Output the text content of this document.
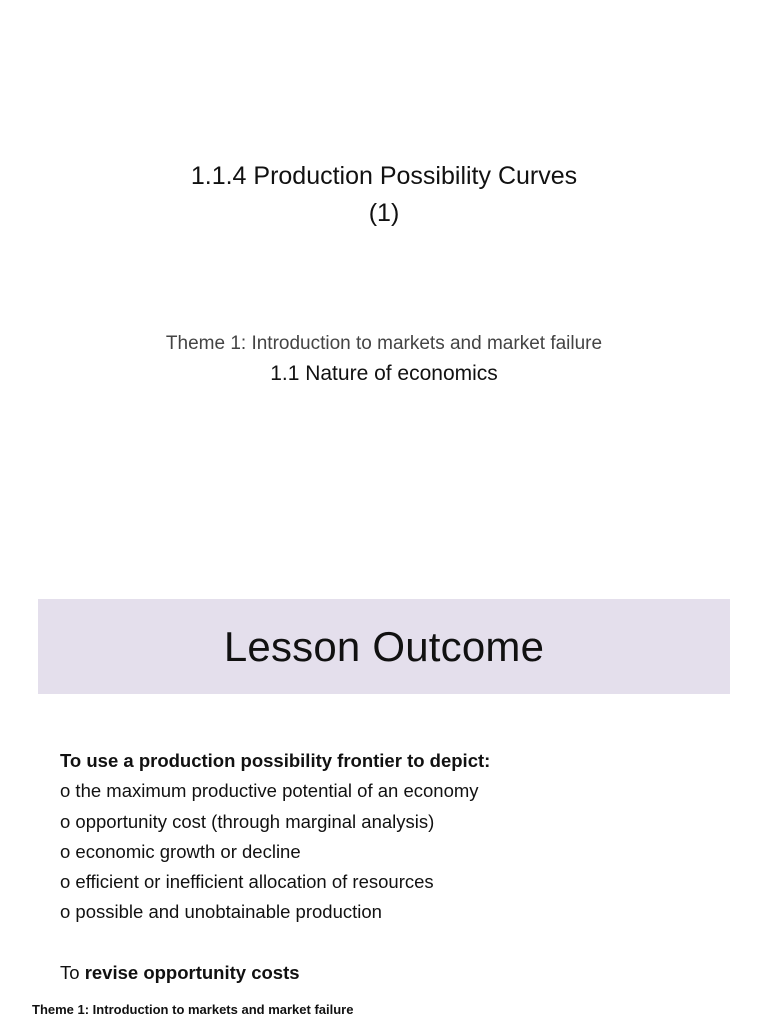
1.1.4 Production Possibility Curves
(1)
Theme 1: Introduction to markets and market failure
1.1 Nature of economics
Lesson Outcome
To use a production possibility frontier to depict:
o the maximum productive potential of an economy
o opportunity cost (through marginal analysis)
o economic growth or decline
o efficient or inefficient allocation of resources
o possible and unobtainable production
To revise opportunity costs
Theme 1: Introduction to markets and market failure
